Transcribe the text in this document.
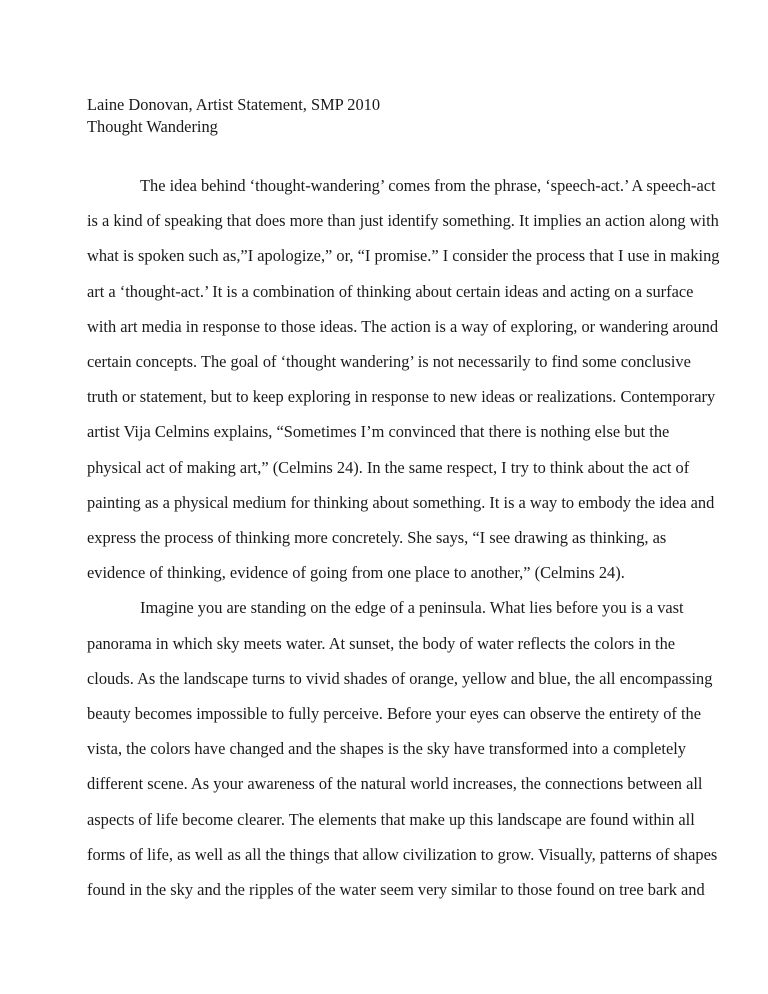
Laine Donovan, Artist Statement, SMP 2010
Thought Wandering
The idea behind ‘thought-wandering’ comes from the phrase, ‘speech-act.’ A speech-act
is a kind of speaking that does more than just identify something. It implies an action along with
what is spoken such as,”I apologize,” or, “I promise.” I consider the process that I use in making
art a ‘thought-act.’ It is a combination of thinking about certain ideas and acting on a surface
with art media in response to those ideas. The action is a way of exploring, or wandering around
certain concepts. The goal of ‘thought wandering’ is not necessarily to find some conclusive
truth or statement, but to keep exploring in response to new ideas or realizations. Contemporary
artist Vija Celmins explains, “Sometimes I’m convinced that there is nothing else but the
physical act of making art,” (Celmins 24). In the same respect, I try to think about the act of
painting as a physical medium for thinking about something. It is a way to embody the idea and
express the process of thinking more concretely. She says, “I see drawing as thinking, as
evidence of thinking, evidence of going from one place to another,” (Celmins 24).
Imagine you are standing on the edge of a peninsula. What lies before you is a vast
panorama in which sky meets water. At sunset, the body of water reflects the colors in the
clouds. As the landscape turns to vivid shades of orange, yellow and blue, the all encompassing
beauty becomes impossible to fully perceive. Before your eyes can observe the entirety of the
vista, the colors have changed and the shapes is the sky have transformed into a completely
different scene. As your awareness of the natural world increases, the connections between all
aspects of life become clearer. The elements that make up this landscape are found within all
forms of life, as well as all the things that allow civilization to grow. Visually, patterns of shapes
found in the sky and the ripples of the water seem very similar to those found on tree bark and
